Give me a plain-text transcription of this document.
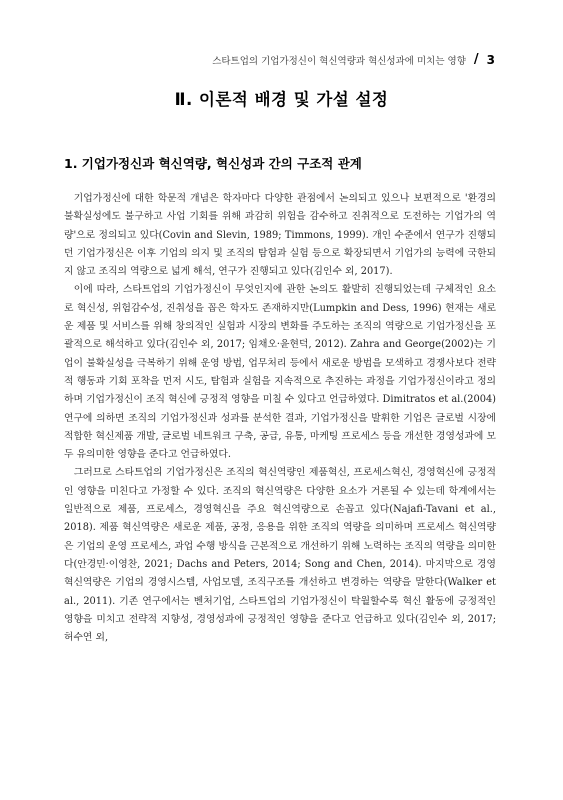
스타트업의 기업가정신이 혁신역량과 혁신성과에 미치는 영향 / 3
Ⅱ. 이론적 배경 및 가설 설정
1. 기업가정신과 혁신역량, 혁신성과 간의 구조적 관계

기업가정신에 대한 학문적 개념은 학자마다 다양한 관점에서 논의되고 있으나 보편적으로 '환경의 불확실성에도 불구하고 사업 기회를 위해 과감히 위험을 감수하고 진취적으로 도전하는 기업가의 역량'으로 정의되고 있다(Covin and Slevin, 1989; Timmons, 1999). 개인 수준에서 연구가 진행되던 기업가정신은 이후 기업의 의지 및 조직의 탐험과 실험 등으로 확장되면서 기업가의 능력에 국한되지 않고 조직의 역량으로 넓게 해석, 연구가 진행되고 있다(김인수 외, 2017).

이에 따라, 스타트업의 기업가정신이 무엇인지에 관한 논의도 활발히 진행되었는데 구체적인 요소로 혁신성, 위험감수성, 진취성을 꼽은 학자도 존재하지만(Lumpkin and Dess, 1996) 현재는 새로운 제품 및 서비스를 위해 창의적인 실험과 시장의 변화를 주도하는 조직의 역량으로 기업가정신을 포괄적으로 해석하고 있다(김인수 외, 2017; 임채오·윤현덕, 2012). Zahra and George(2002)는 기업이 불확실성을 극복하기 위해 운영 방법, 업무처리 등에서 새로운 방법을 모색하고 경쟁사보다 전략적 행동과 기회 포착을 먼저 시도, 탐험과 실험을 지속적으로 추진하는 과정을 기업가정신이라고 정의하며 기업가정신이 조직 혁신에 긍정적 영향을 미칠 수 있다고 언급하였다. Dimitratos et al.(2004) 연구에 의하면 조직의 기업가정신과 성과를 분석한 결과, 기업가정신을 발휘한 기업은 글로벌 시장에 적합한 혁신제품 개발, 글로벌 네트워크 구축, 공급, 유통, 마케팅 프로세스 등을 개선한 경영성과에 모두 유의미한 영향을 준다고 언급하였다.

그러므로 스타트업의 기업가정신은 조직의 혁신역량인 제품혁신, 프로세스혁신, 경영혁신에 긍정적인 영향을 미친다고 가정할 수 있다. 조직의 혁신역량은 다양한 요소가 거론될 수 있는데 학계에서는 일반적으로 제품, 프로세스, 경영혁신을 주요 혁신역량으로 손꼽고 있다(Najafi-Tavani et al., 2018). 제품 혁신역량은 새로운 제품, 공정, 응용을 위한 조직의 역량을 의미하며 프로세스 혁신역량은 기업의 운영 프로세스, 과업 수행 방식을 근본적으로 개선하기 위해 노력하는 조직의 역량을 의미한다(안경민·이영찬, 2021; Dachs and Peters, 2014; Song and Chen, 2014). 마지막으로 경영 혁신역량은 기업의 경영시스템, 사업모델, 조직구조를 개선하고 변경하는 역량을 말한다(Walker et al., 2011). 기존 연구에서는 벤처기업, 스타트업의 기업가정신이 탁월할수록 혁신 활동에 긍정적인 영향을 미치고 전략적 지향성, 경영성과에 긍정적인 영향을 준다고 언급하고 있다(김인수 외, 2017; 허수연 외,
